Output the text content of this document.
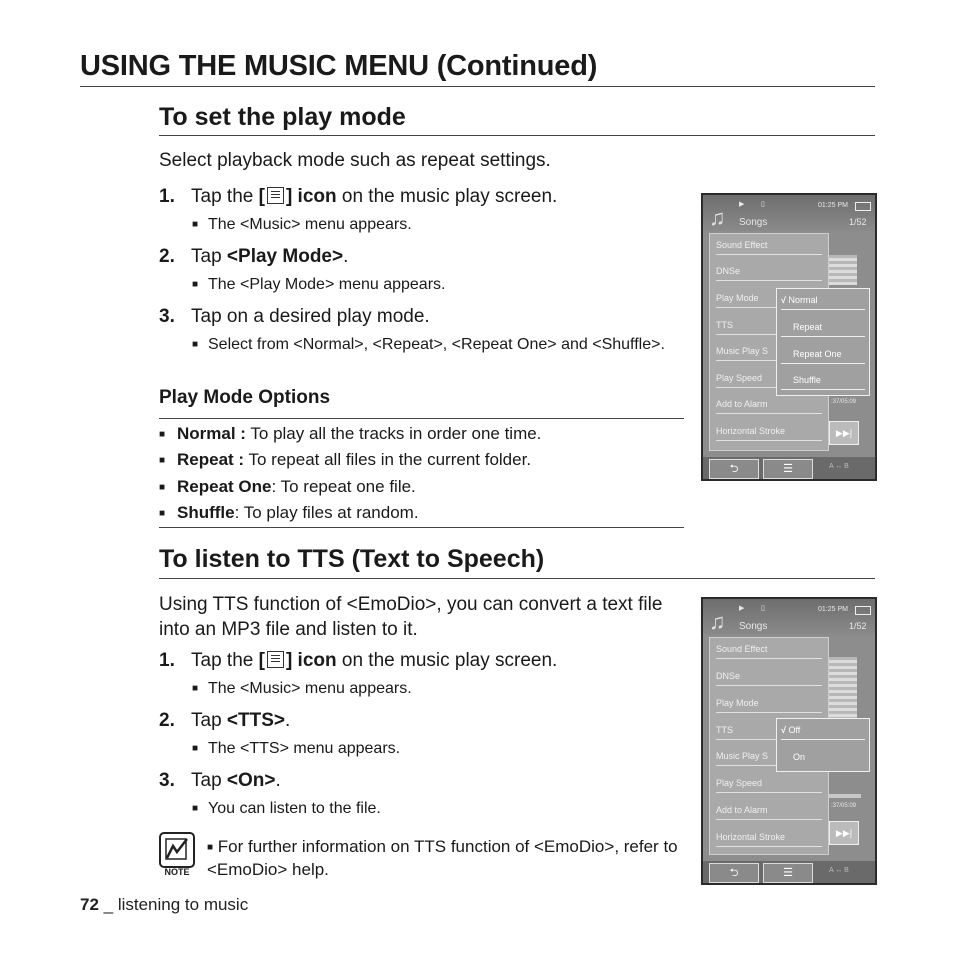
USING THE MUSIC MENU (Continued)
To set the play mode
Select playback mode such as repeat settings.
1. Tap the [ ] icon on the music play screen.
■ The <Music> menu appears.
2. Tap <Play Mode>.
■ The <Play Mode> menu appears.
3. Tap on a desired play mode.
■ Select from <Normal>, <Repeat>, <Repeat One> and <Shuffle>.
Play Mode Options
■ Normal : To play all the tracks in order one time.
■ Repeat : To repeat all files in the current folder.
■ Repeat One: To repeat one file.
■ Shuffle: To play files at random.
▶ ▯	01:25 PM
♫ Songs	1/52
▶▶|
:37/05:09
Sound Effect
DNSe
Play Mode
TTS
Music Play S
Play Speed
Add to Alarm
Horizontal Stroke
√ Normal
Repeat
Repeat One
Shuffle
⮌	☰	A ↔ B
To listen to TTS (Text to Speech)
Using TTS function of <EmoDio>, you can convert a text file into an MP3 file and listen to it.
1. Tap the [ ] icon on the music play screen.
■ The <Music> menu appears.
2. Tap <TTS>.
■ The <TTS> menu appears.
3. Tap <On>.
■ You can listen to the file.
NOTE
■ For further information on TTS function of <EmoDio>, refer to <EmoDio> help.
▶ ▯	01:25 PM
♫ Songs	1/52
▶▶|
:37/05:09
Sound Effect
DNSe
Play Mode
TTS
Music Play S
Play Speed
Add to Alarm
Horizontal Stroke
√ Off
On
⮌	☰	A ↔ B
72 _ listening to music
